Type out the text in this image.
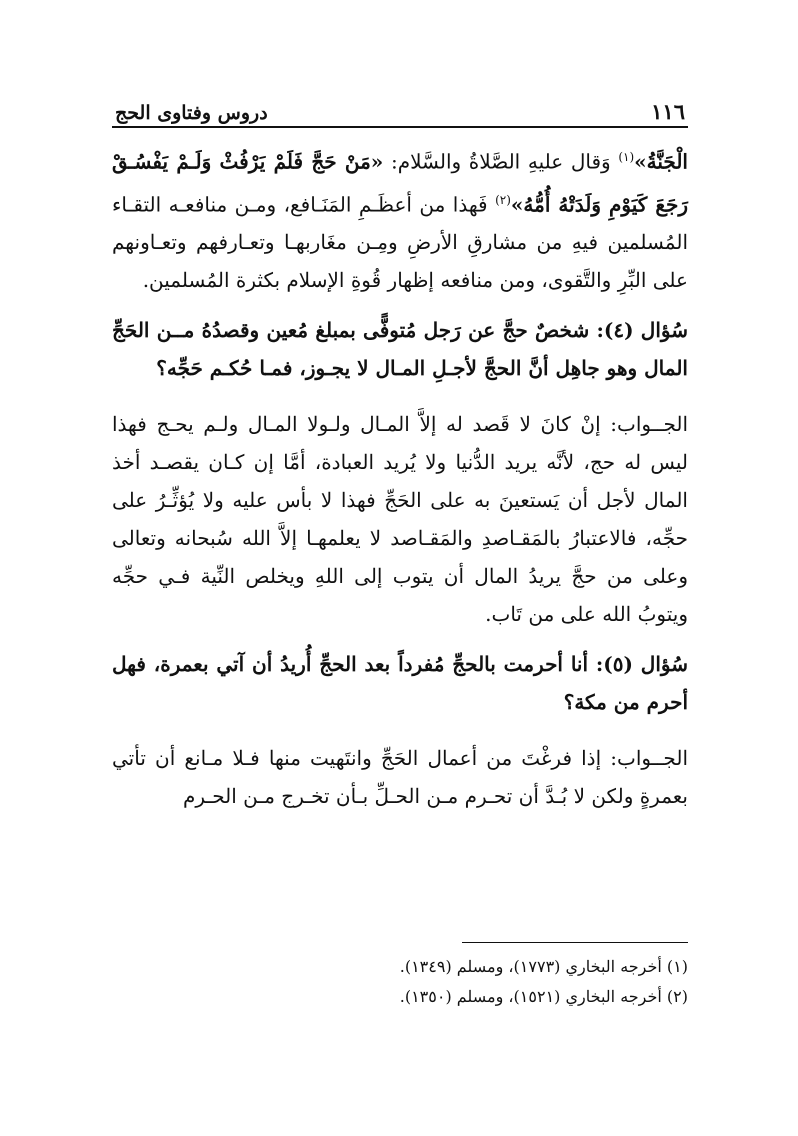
دروس وفتاوى الحج	١١٦

الْجَنَّةُ»$^{(١)}$ وَقال عليهِ الصَّلاةُ والسَّلام: «مَنْ حَجَّ فَلَمْ يَرْفُثْ وَلَـمْ يَفْسُـقْ رَجَعَ كَيَوْمِ وَلَدَتْهُ أُمُّهُ»$^{(٢)}$ فَهذا من أعظَـمِ المَنَـافع، ومـن منافعـه التقـاء المُسلمين فيهِ من مشارقِ الأرضِ ومِـن مغَاربهـا وتعـارفهم وتعـاونهم على البِّرِ والتَّقوى، ومن منافعه إظهار قُوةِ الإسلام بكثرة المُسلمين.

سُؤال (٤): شخصٌ حجَّ عن رَجل مُتوفًّى بمبلغ مُعين وقصدُهُ مــن الحَجِّ المال وهو جاهِل أنَّ الحجَّ لأجـلِ المـال لا يجـوز، فمـا حُكـم حَجِّه؟

الجــواب: إنْ كانَ لا قَصد له إلاَّ المـال ولـولا المـال ولـم يحـج فهذا ليس له حج، لأنَّه يريد الدُّنيا ولا يُريد العبادة، أمَّا إن كـان يقصـد أخذ المال لأجل أن يَستعينَ به على الحَجِّ فهذا لا بأس عليه ولا يُؤثِّـرُ على حجِّه، فالاعتبارُ بالمَقـاصدِ والمَقـاصد لا يعلمهـا إلاَّ الله سُبحانه وتعالى وعلى من حجَّ يريدُ المال أن يتوب إلى اللهِ ويخلص النِّية فـي حجِّه ويتوبُ الله على من تَاب.

سُؤال (٥): أنا أحرمت بالحجِّ مُفرداً بعد الحجِّ أُريدُ أن آتي بعمرة، فهل أحرم من مكة؟

الجــواب: إذا فرغْتَ من أعمال الحَجِّ وانتَهيت منها فـلا مـانع أن تأتي بعمرةٍ ولكن لا بُـدَّ أن تحـرم مـن الحـلِّ بـأن تخـرج مـن الحـرم

(١) أخرجه البخاري (١٧٧٣)، ومسلم (١٣٤٩).

(٢) أخرجه البخاري (١٥٢١)، ومسلم (١٣٥٠).
